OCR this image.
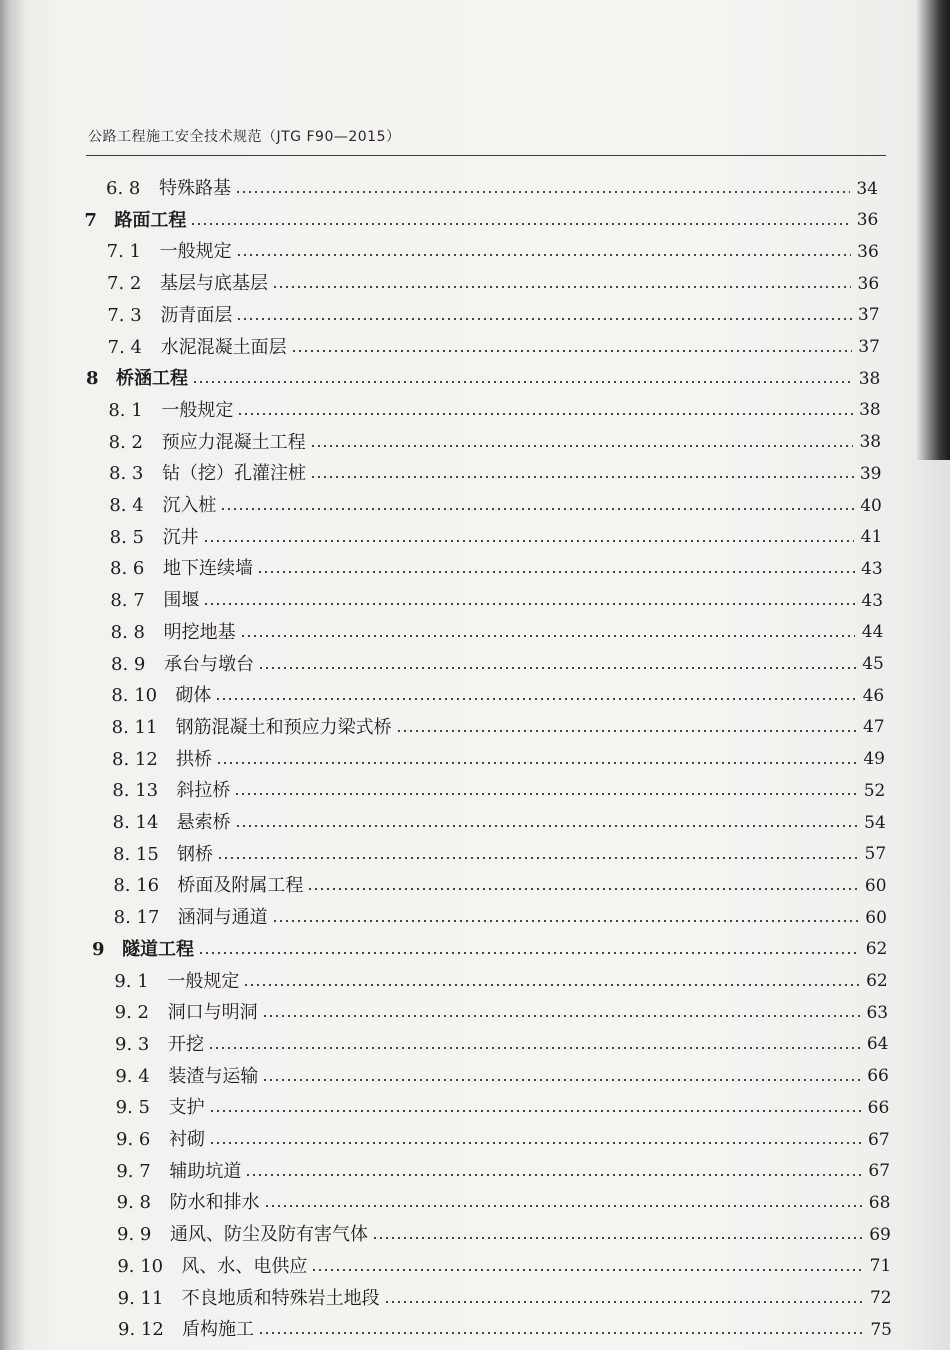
公路工程施工安全技术规范（JTG F90—2015）
6. 8	特殊路基	34
7 路面工程	36
7. 1	一般规定	36
7. 2	基层与底基层	36
7. 3	沥青面层	37
7. 4	水泥混凝土面层	37
8 桥涵工程	38
8. 1	一般规定	38
8. 2	预应力混凝土工程	38
8. 3	钻（挖）孔灌注桩	39
8. 4	沉入桩	40
8. 5	沉井	41
8. 6	地下连续墙	43
8. 7	围堰	43
8. 8	明挖地基	44
8. 9	承台与墩台	45
8. 10	砌体	46
8. 11	钢筋混凝土和预应力梁式桥	47
8. 12	拱桥	49
8. 13	斜拉桥	52
8. 14	悬索桥	54
8. 15	钢桥	57
8. 16	桥面及附属工程	60
8. 17	涵洞与通道	60
9 隧道工程	62
9. 1	一般规定	62
9. 2	洞口与明洞	63
9. 3	开挖	64
9. 4	装渣与运输	66
9. 5	支护	66
9. 6	衬砌	67
9. 7	辅助坑道	67
9. 8	防水和排水	68
9. 9	通风、防尘及防有害气体	69
9. 10	风、水、电供应	71
9. 11	不良地质和特殊岩土地段	72
9. 12	盾构施工	75
